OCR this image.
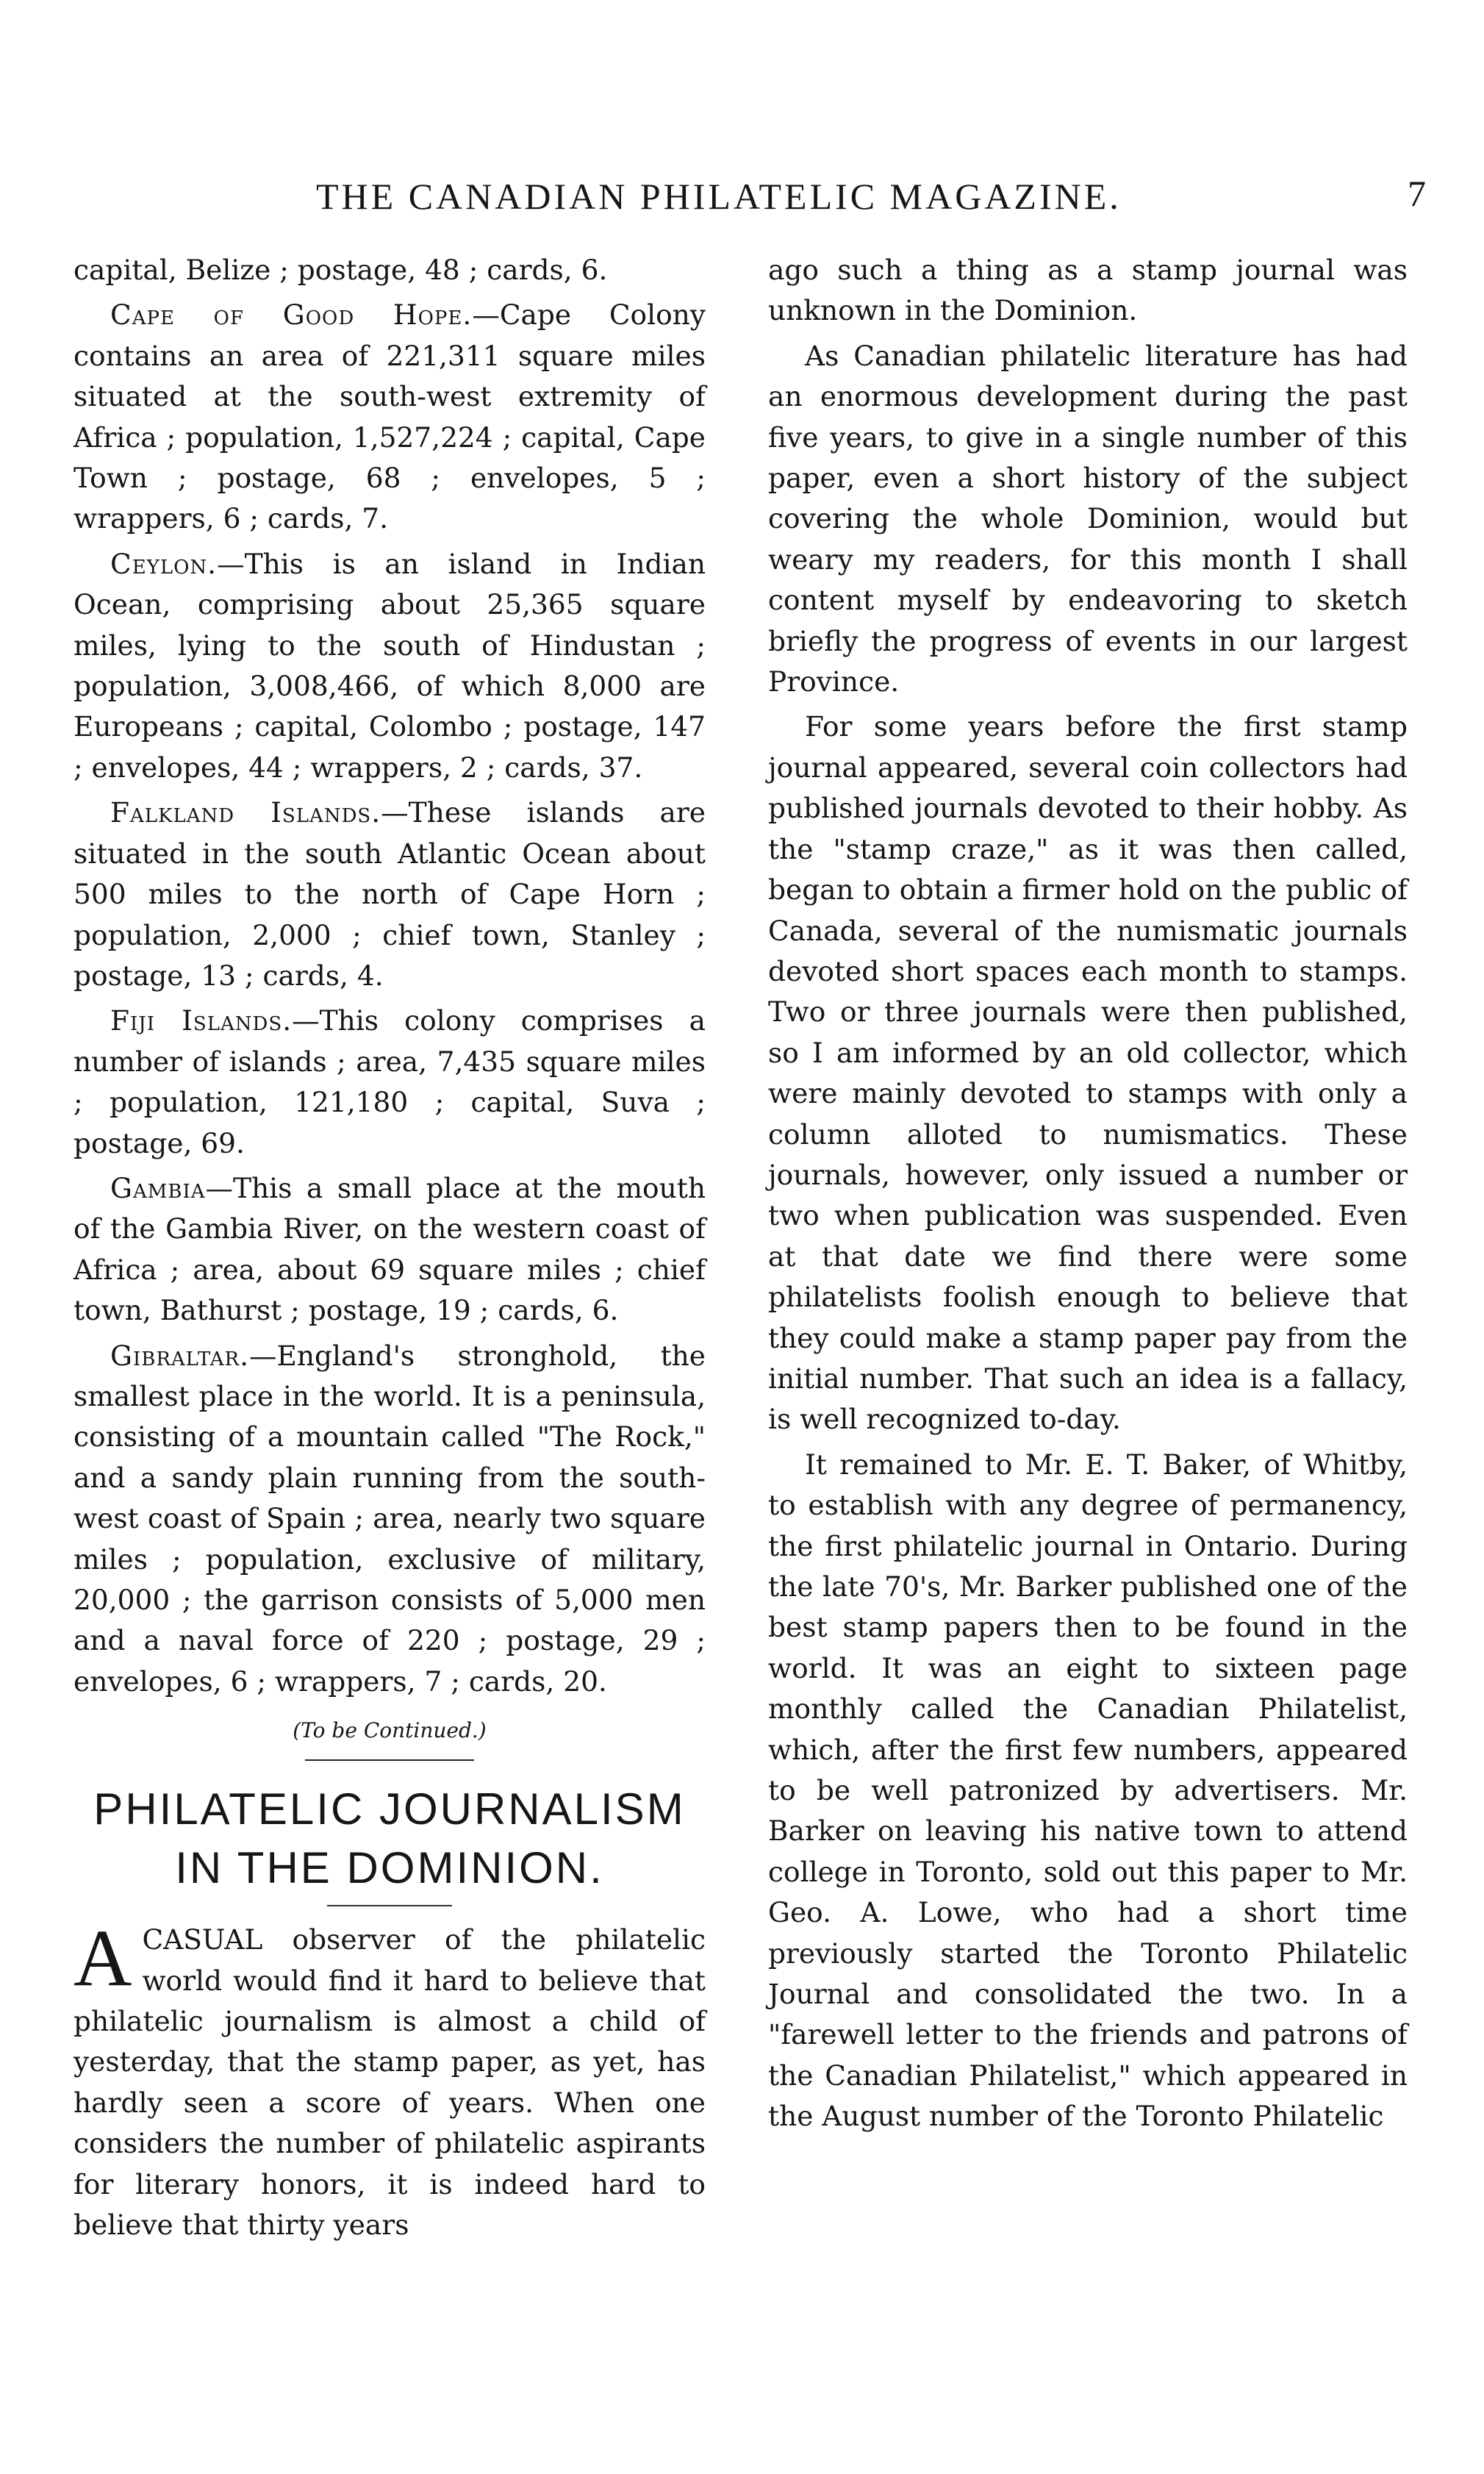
THE CANADIAN PHILATELIC MAGAZINE.	7

capital, Belize ; postage, 48 ; cards, 6.

Cape of Good Hope.—Cape Colony contains an area of 221,311 square miles situated at the south-west extremity of Africa ; population, 1,527,224 ; capital, Cape Town ; postage, 68 ; envelopes, 5 ; wrappers, 6 ; cards, 7.

Ceylon.—This is an island in Indian Ocean, comprising about 25,365 square miles, lying to the south of Hindustan ; population, 3,008,466, of which 8,000 are Europeans ; capital, Colombo ; postage, 147 ; envelopes, 44 ; wrappers, 2 ; cards, 37.

Falkland Islands.—These islands are situated in the south Atlantic Ocean about 500 miles to the north of Cape Horn ; population, 2,000 ; chief town, Stanley ; postage, 13 ; cards, 4.

Fiji Islands.—This colony comprises a number of islands ; area, 7,435 square miles ; population, 121,180 ; capital, Suva ; postage, 69.

Gambia—This a small place at the mouth of the Gambia River, on the western coast of Africa ; area, about 69 square miles ; chief town, Bathurst ; postage, 19 ; cards, 6.

Gibraltar.—England's stronghold, the smallest place in the world. It is a peninsula, consisting of a mountain called "The Rock," and a sandy plain running from the south-west coast of Spain ; area, nearly two square miles ; population, exclusive of military, 20,000 ; the garrison consists of 5,000 men and a naval force of 220 ; postage, 29 ; envelopes, 6 ; wrappers, 7 ; cards, 20.

(To be Continued.)
PHILATELIC JOURNALISM IN THE DOMINION.

ACASUAL observer of the philatelic world would find it hard to believe that philatelic journalism is almost a child of yesterday, that the stamp paper, as yet, has hardly seen a score of years. When one considers the number of philatelic aspirants for literary honors, it is indeed hard to believe that thirty years

ago such a thing as a stamp journal was unknown in the Dominion.

As Canadian philatelic literature has had an enormous development during the past five years, to give in a single number of this paper, even a short history of the subject covering the whole Dominion, would but weary my readers, for this month I shall content myself by endeavoring to sketch briefly the progress of events in our largest Province.

For some years before the first stamp journal appeared, several coin collectors had published journals devoted to their hobby. As the "stamp craze," as it was then called, began to obtain a firmer hold on the public of Canada, several of the numismatic journals devoted short spaces each month to stamps. Two or three journals were then published, so I am informed by an old collector, which were mainly devoted to stamps with only a column alloted to numismatics. These journals, however, only issued a number or two when publication was suspended. Even at that date we find there were some philatelists foolish enough to believe that they could make a stamp paper pay from the initial number. That such an idea is a fallacy, is well recognized to-day.

It remained to Mr. E. T. Baker, of Whitby, to establish with any degree of permanency, the first philatelic journal in Ontario. During the late 70's, Mr. Barker published one of the best stamp papers then to be found in the world. It was an eight to sixteen page monthly called the Canadian Philatelist, which, after the first few numbers, appeared to be well patronized by advertisers. Mr. Barker on leaving his native town to attend college in Toronto, sold out this paper to Mr. Geo. A. Lowe, who had a short time previously started the Toronto Philatelic Journal and consolidated the two. In a "farewell letter to the friends and patrons of the Canadian Philatelist," which appeared in the August number of the Toronto Philatelic
